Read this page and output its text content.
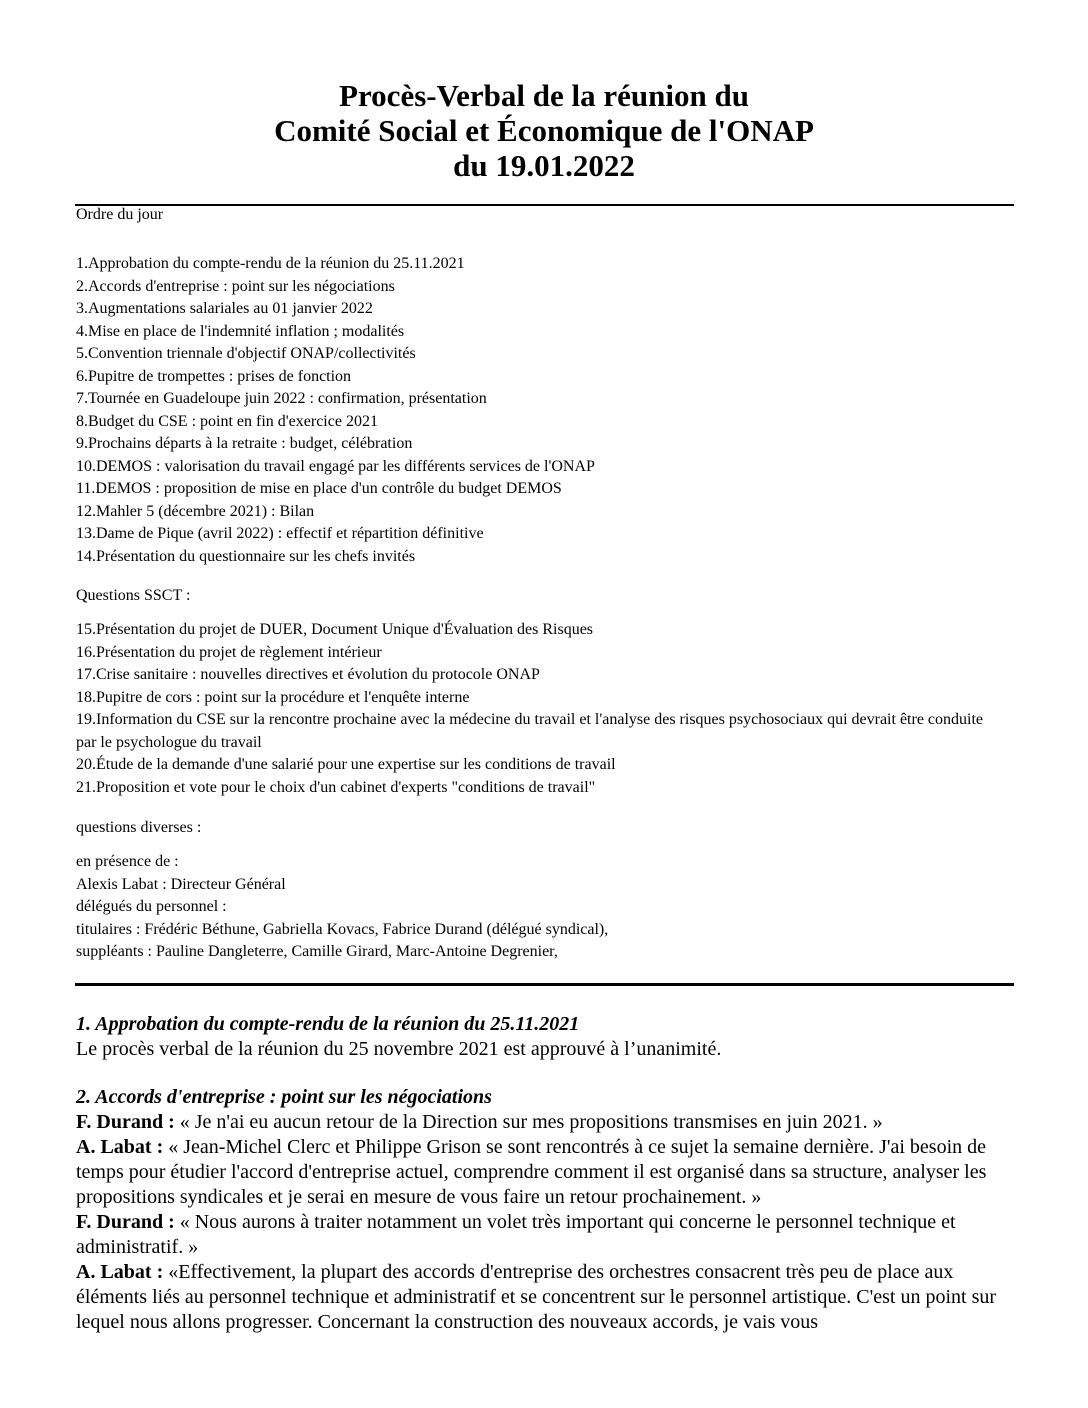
Procès-Verbal de la réunion du
Comité Social et Économique de l'ONAP
du 19.01.2022
Ordre du jour
1.Approbation du compte-rendu de la réunion du 25.11.2021
2.Accords d'entreprise : point sur les négociations
3.Augmentations salariales au 01 janvier 2022
4.Mise en place de l'indemnité inflation ; modalités
5.Convention triennale d'objectif ONAP/collectivités
6.Pupitre de trompettes : prises de fonction
7.Tournée en Guadeloupe juin 2022 : confirmation, présentation
8.Budget du CSE : point en fin d'exercice 2021
9.Prochains départs à la retraite : budget, célébration
10.DEMOS : valorisation du travail engagé par les différents services de l'ONAP
11.DEMOS : proposition de mise en place d'un contrôle du budget DEMOS
12.Mahler 5 (décembre 2021) : Bilan
13.Dame de Pique (avril 2022) : effectif et répartition définitive
14.Présentation du questionnaire sur les chefs invités
Questions SSCT :
15.Présentation du projet de DUER, Document Unique d'Évaluation des Risques
16.Présentation du projet de règlement intérieur
17.Crise sanitaire : nouvelles directives et évolution du protocole ONAP
18.Pupitre de cors : point sur la procédure et l'enquête interne
19.Information du CSE sur la rencontre prochaine avec la médecine du travail et l'analyse des risques psychosociaux qui devrait être conduite par le psychologue du travail
20.Étude de la demande d'une salarié pour une expertise sur les conditions de travail
21.Proposition et vote pour le choix d'un cabinet d'experts "conditions de travail"
questions diverses :
en présence de :
Alexis Labat : Directeur Général
délégués du personnel :
titulaires : Frédéric Béthune, Gabriella Kovacs, Fabrice Durand (délégué syndical),
suppléants : Pauline Dangleterre, Camille Girard, Marc-Antoine Degrenier,

1. Approbation du compte-rendu de la réunion du 25.11.2021

Le procès verbal de la réunion du 25 novembre 2021 est approuvé à l’unanimité.

2. Accords d'entreprise : point sur les négociations

F. Durand : « Je n'ai eu aucun retour de la Direction sur mes propositions transmises en juin 2021. »

A. Labat : « Jean-Michel Clerc et Philippe Grison se sont rencontrés à ce sujet la semaine dernière. J'ai besoin de temps pour étudier l'accord d'entreprise actuel, comprendre comment il est organisé dans sa structure, analyser les propositions syndicales et je serai en mesure de vous faire un retour prochainement. »

F. Durand : « Nous aurons à traiter notamment un volet très important qui concerne le personnel technique et administratif. »

A. Labat : «Effectivement, la plupart des accords d'entreprise des orchestres consacrent très peu de place aux éléments liés au personnel technique et administratif et se concentrent sur le personnel artistique. C'est un point sur lequel nous allons progresser. Concernant la construction des nouveaux accords, je vais vous
